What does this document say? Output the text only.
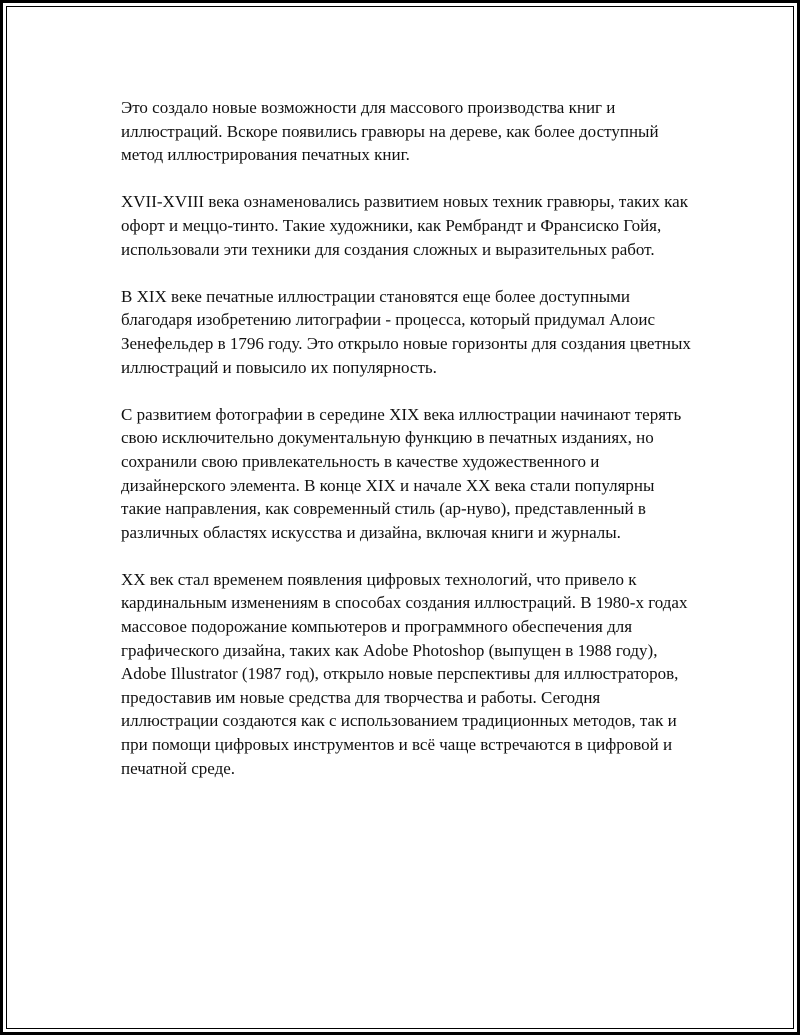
Это создало новые возможности для массового производства книг и иллюстраций. Вскоре появились гравюры на дереве, как более доступный метод иллюстрирования печатных книг.

XVII-XVIII века ознаменовались развитием новых техник гравюры, таких как офорт и меццо-тинто. Такие художники, как Рембрандт и Франсиско Гойя, использовали эти техники для создания сложных и выразительных работ.

В XIX веке печатные иллюстрации становятся еще более доступными благодаря изобретению литографии - процесса, который придумал Алоис Зенефельдер в 1796 году. Это открыло новые горизонты для создания цветных иллюстраций и повысило их популярность.

С развитием фотографии в середине XIX века иллюстрации начинают терять свою исключительно документальную функцию в печатных изданиях, но сохранили свою привлекательность в качестве художественного и дизайнерского элемента. В конце XIX и начале XX века стали популярны такие направления, как современный стиль (ар-нуво), представленный в различных областях искусства и дизайна, включая книги и журналы.

XX век стал временем появления цифровых технологий, что привело к кардинальным изменениям в способах создания иллюстраций. В 1980-х годах массовое подорожание компьютеров и программного обеспечения для графического дизайна, таких как Adobe Photoshop (выпущен в 1988 году), Adobe Illustrator (1987 год), открыло новые перспективы для иллюстраторов, предоставив им новые средства для творчества и работы. Сегодня иллюстрации создаются как с использованием традиционных методов, так и при помощи цифровых инструментов и всё чаще встречаются в цифровой и печатной среде.
